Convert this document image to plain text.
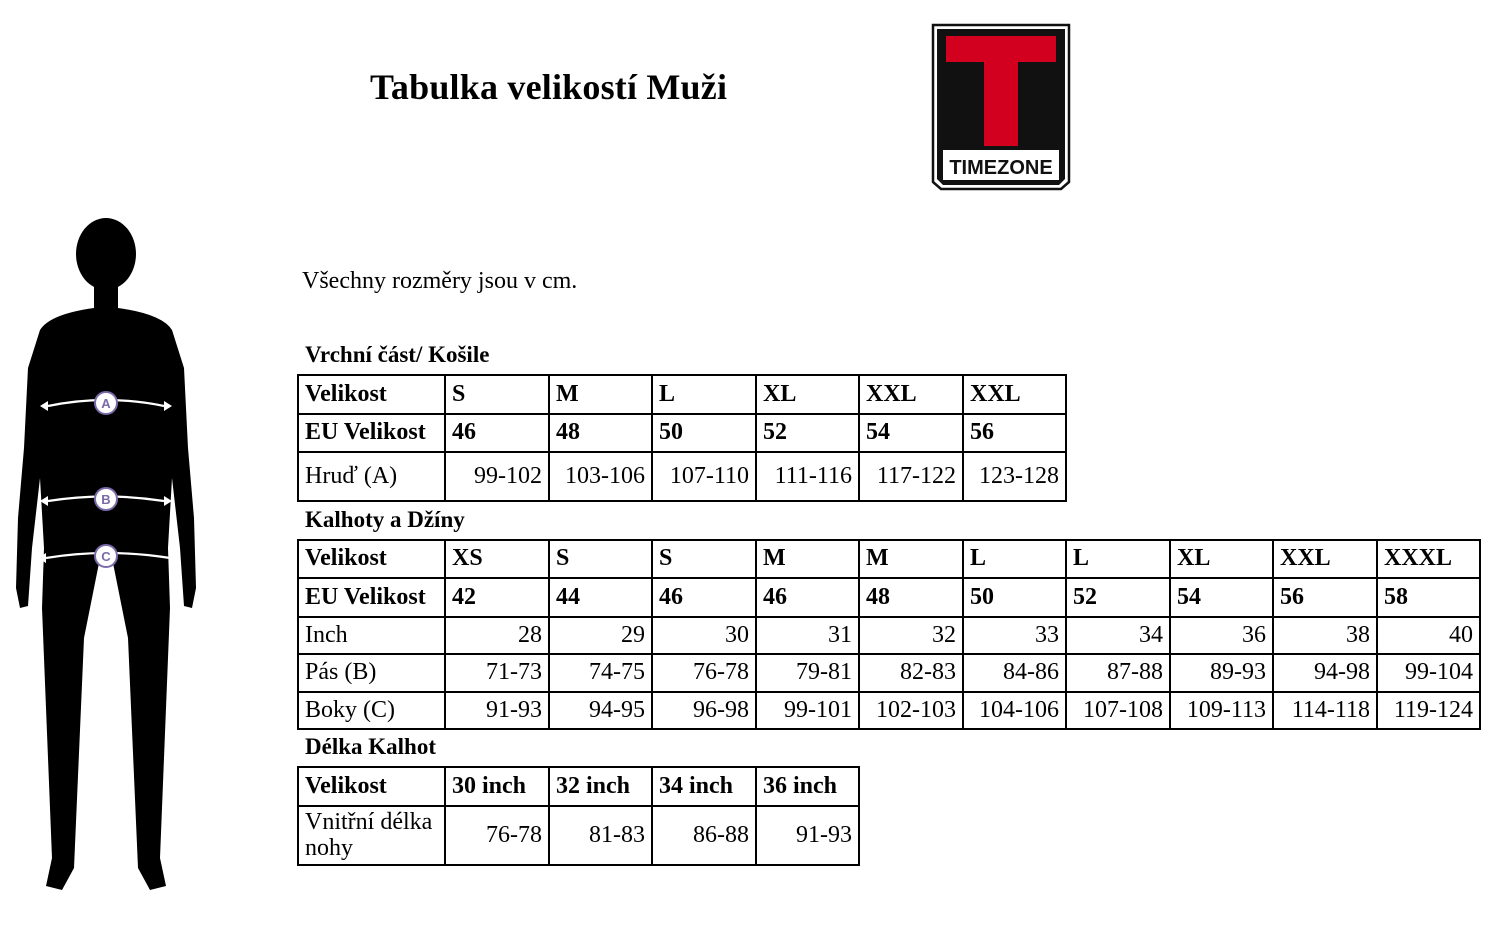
Tabulka velikostí Muži
TIMEZONE
A
B
C
Všechny rozměry jsou v cm.
Vrchní část/ Košile
Velikost	S	M	L	XL	XXL	XXL
EU Velikost	46	48	50	52	54	56
Hruď (A)	99-102	103-106	107-110	111-116	117-122	123-128
Kalhoty a Džíny
Velikost	XS	S	S	M	M	L	L	XL	XXL	XXXL
EU Velikost	42	44	46	46	48	50	52	54	56	58
Inch	28	29	30	31	32	33	34	36	38	40
Pás (B)	71-73	74-75	76-78	79-81	82-83	84-86	87-88	89-93	94-98	99-104
Boky (C)	91-93	94-95	96-98	99-101	102-103	104-106	107-108	109-113	114-118	119-124
Délka Kalhot
Velikost	30 inch	32 inch	34 inch	36 inch
Vnitřní délka nohy	76-78	81-83	86-88	91-93
